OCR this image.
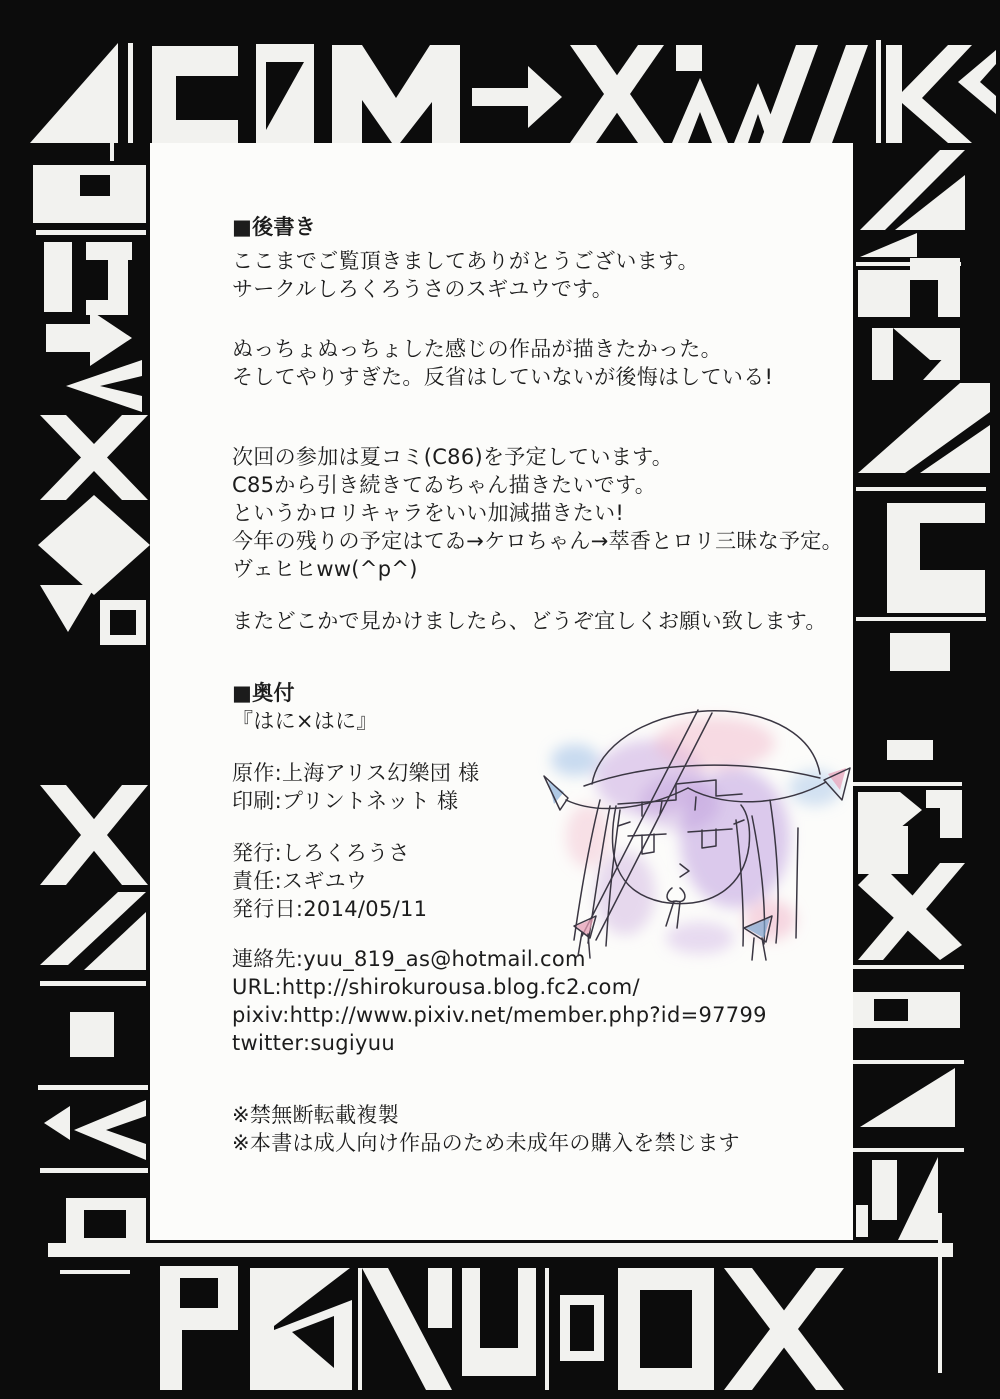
■後書き
ここまでご覧頂きましてありがとうございます。
サークルしろくろうさのスギユウです。
ぬっちょぬっちょした感じの作品が描きたかった。
そしてやりすぎた。反省はしていないが後悔はしている!
次回の参加は夏コミ(C86)を予定しています。
C85から引き続きてゐちゃん描きたいです。
というかロリキャラをいい加減描きたい!
今年の残りの予定はてゐ→ケロちゃん→萃香とロリ三昧な予定。
ヴェヒヒww(^p^)
またどこかで見かけましたら、どうぞ宜しくお願い致します。
■奥付
『はに×はに』
原作:上海アリス幻樂団 様
印刷:プリントネット 様
発行:しろくろうさ
責任:スギユウ
発行日:2014/05/11
連絡先:yuu_819_as@hotmail.com
URL:http://shirokurousa.blog.fc2.com/
pixiv:http://www.pixiv.net/member.php?id=97799
twitter:sugiyuu
※禁無断転載複製
※本書は成人向け作品のため未成年の購入を禁じます
